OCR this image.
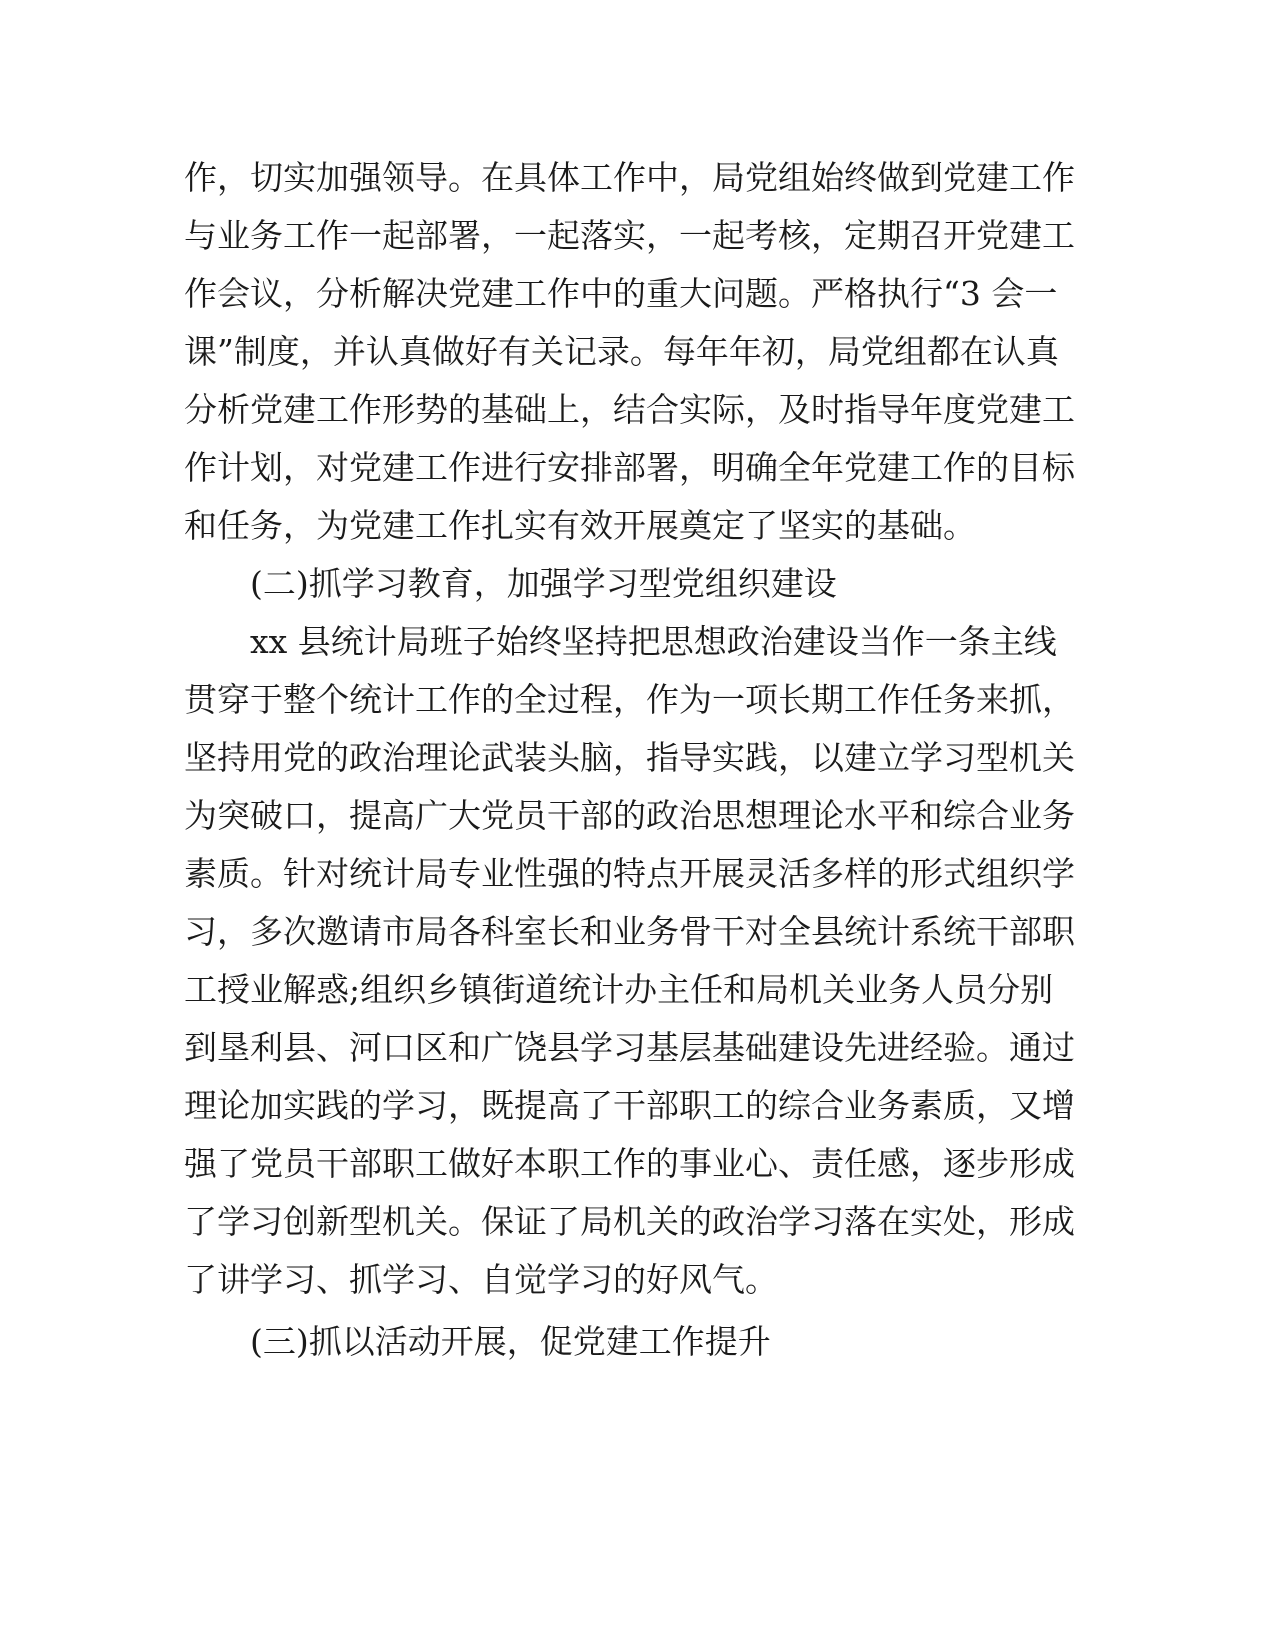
作，切实加强领导。在具体工作中，局党组始终做到党建工作
与业务工作一起部署，一起落实，一起考核，定期召开党建工
作会议，分析解决党建工作中的重大问题。严格执行“3 会一
课”制度，并认真做好有关记录。每年年初，局党组都在认真
分析党建工作形势的基础上，结合实际，及时指导年度党建工
作计划，对党建工作进行安排部署，明确全年党建工作的目标
和任务，为党建工作扎实有效开展奠定了坚实的基础。
(二)抓学习教育，加强学习型党组织建设
xx 县统计局班子始终坚持把思想政治建设当作一条主线
贯穿于整个统计工作的全过程，作为一项长期工作任务来抓，
坚持用党的政治理论武装头脑，指导实践，以建立学习型机关
为突破口，提高广大党员干部的政治思想理论水平和综合业务
素质。针对统计局专业性强的特点开展灵活多样的形式组织学
习，多次邀请市局各科室长和业务骨干对全县统计系统干部职
工授业解惑;组织乡镇街道统计办主任和局机关业务人员分别
到垦利县、河口区和广饶县学习基层基础建设先进经验。通过
理论加实践的学习，既提高了干部职工的综合业务素质，又增
强了党员干部职工做好本职工作的事业心、责任感，逐步形成
了学习创新型机关。保证了局机关的政治学习落在实处，形成
了讲学习、抓学习、自觉学习的好风气。
(三)抓以活动开展，促党建工作提升
